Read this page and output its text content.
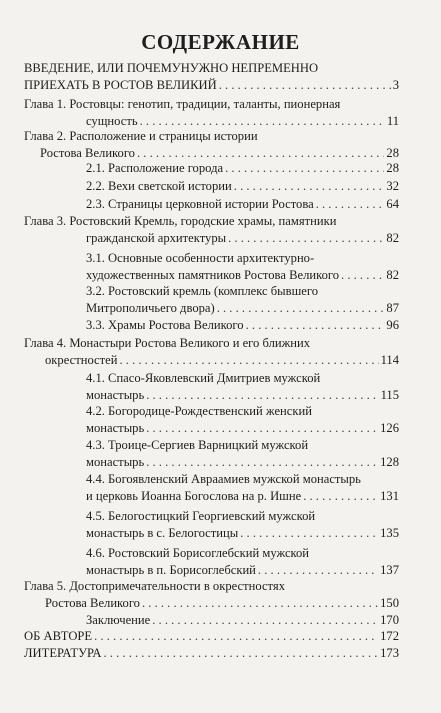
СОДЕРЖАНИЕ
ВВЕДЕНИЕ, ИЛИ ПОЧЕМУНУЖНО НЕПРЕМЕННО
ПРИЕХАТЬ В РОСТОВ ВЕЛИКИЙ . . .	3
Глава 1. Ростовцы: генотип, традиции, таланты, пионерная
сущность . . .	11
Глава 2. Расположение и страницы истории
Ростова Великого . . .	28
2.1. Расположение города . . .	28
2.2. Вехи светской истории . . .	32
2.3. Страницы церковной истории Ростова . . .	64
Глава 3. Ростовский Кремль, городские храмы, памятники
гражданской архитектуры . . .	82
3.1. Основные особенности архитектурно-
художественных памятников Ростова Великого . . .	82
3.2. Ростовский кремль (комплекс бывшего
Митрополичьего двора) . . .	87
3.3. Храмы Ростова Великого . . .	96
Глава 4. Монастыри Ростова Великого и его ближних
окрестностей . . .	114
4.1. Спасо-Яковлевский Дмитриев мужской
монастырь . . .	115
4.2. Богородице-Рождественский женский
монастырь . . .	126
4.3. Троице-Сергиев Варницкий мужской
монастырь . . .	128
4.4. Богоявленский Авраамиев мужской монастырь
и церковь Иоанна Богослова на р. Ишне . . .	131
4.5. Белогостицкий Георгиевский мужской
монастырь в с. Белогостицы . . .	135
4.6. Ростовский Борисоглебский мужской
монастырь в п. Борисоглебский . . .	137
Глава 5. Достопримечательности в окрестностях
Ростова Великого . . .	150
Заключение . . .	170
ОБ АВТОРЕ . . .	172
ЛИТЕРАТУРА . . .	173
